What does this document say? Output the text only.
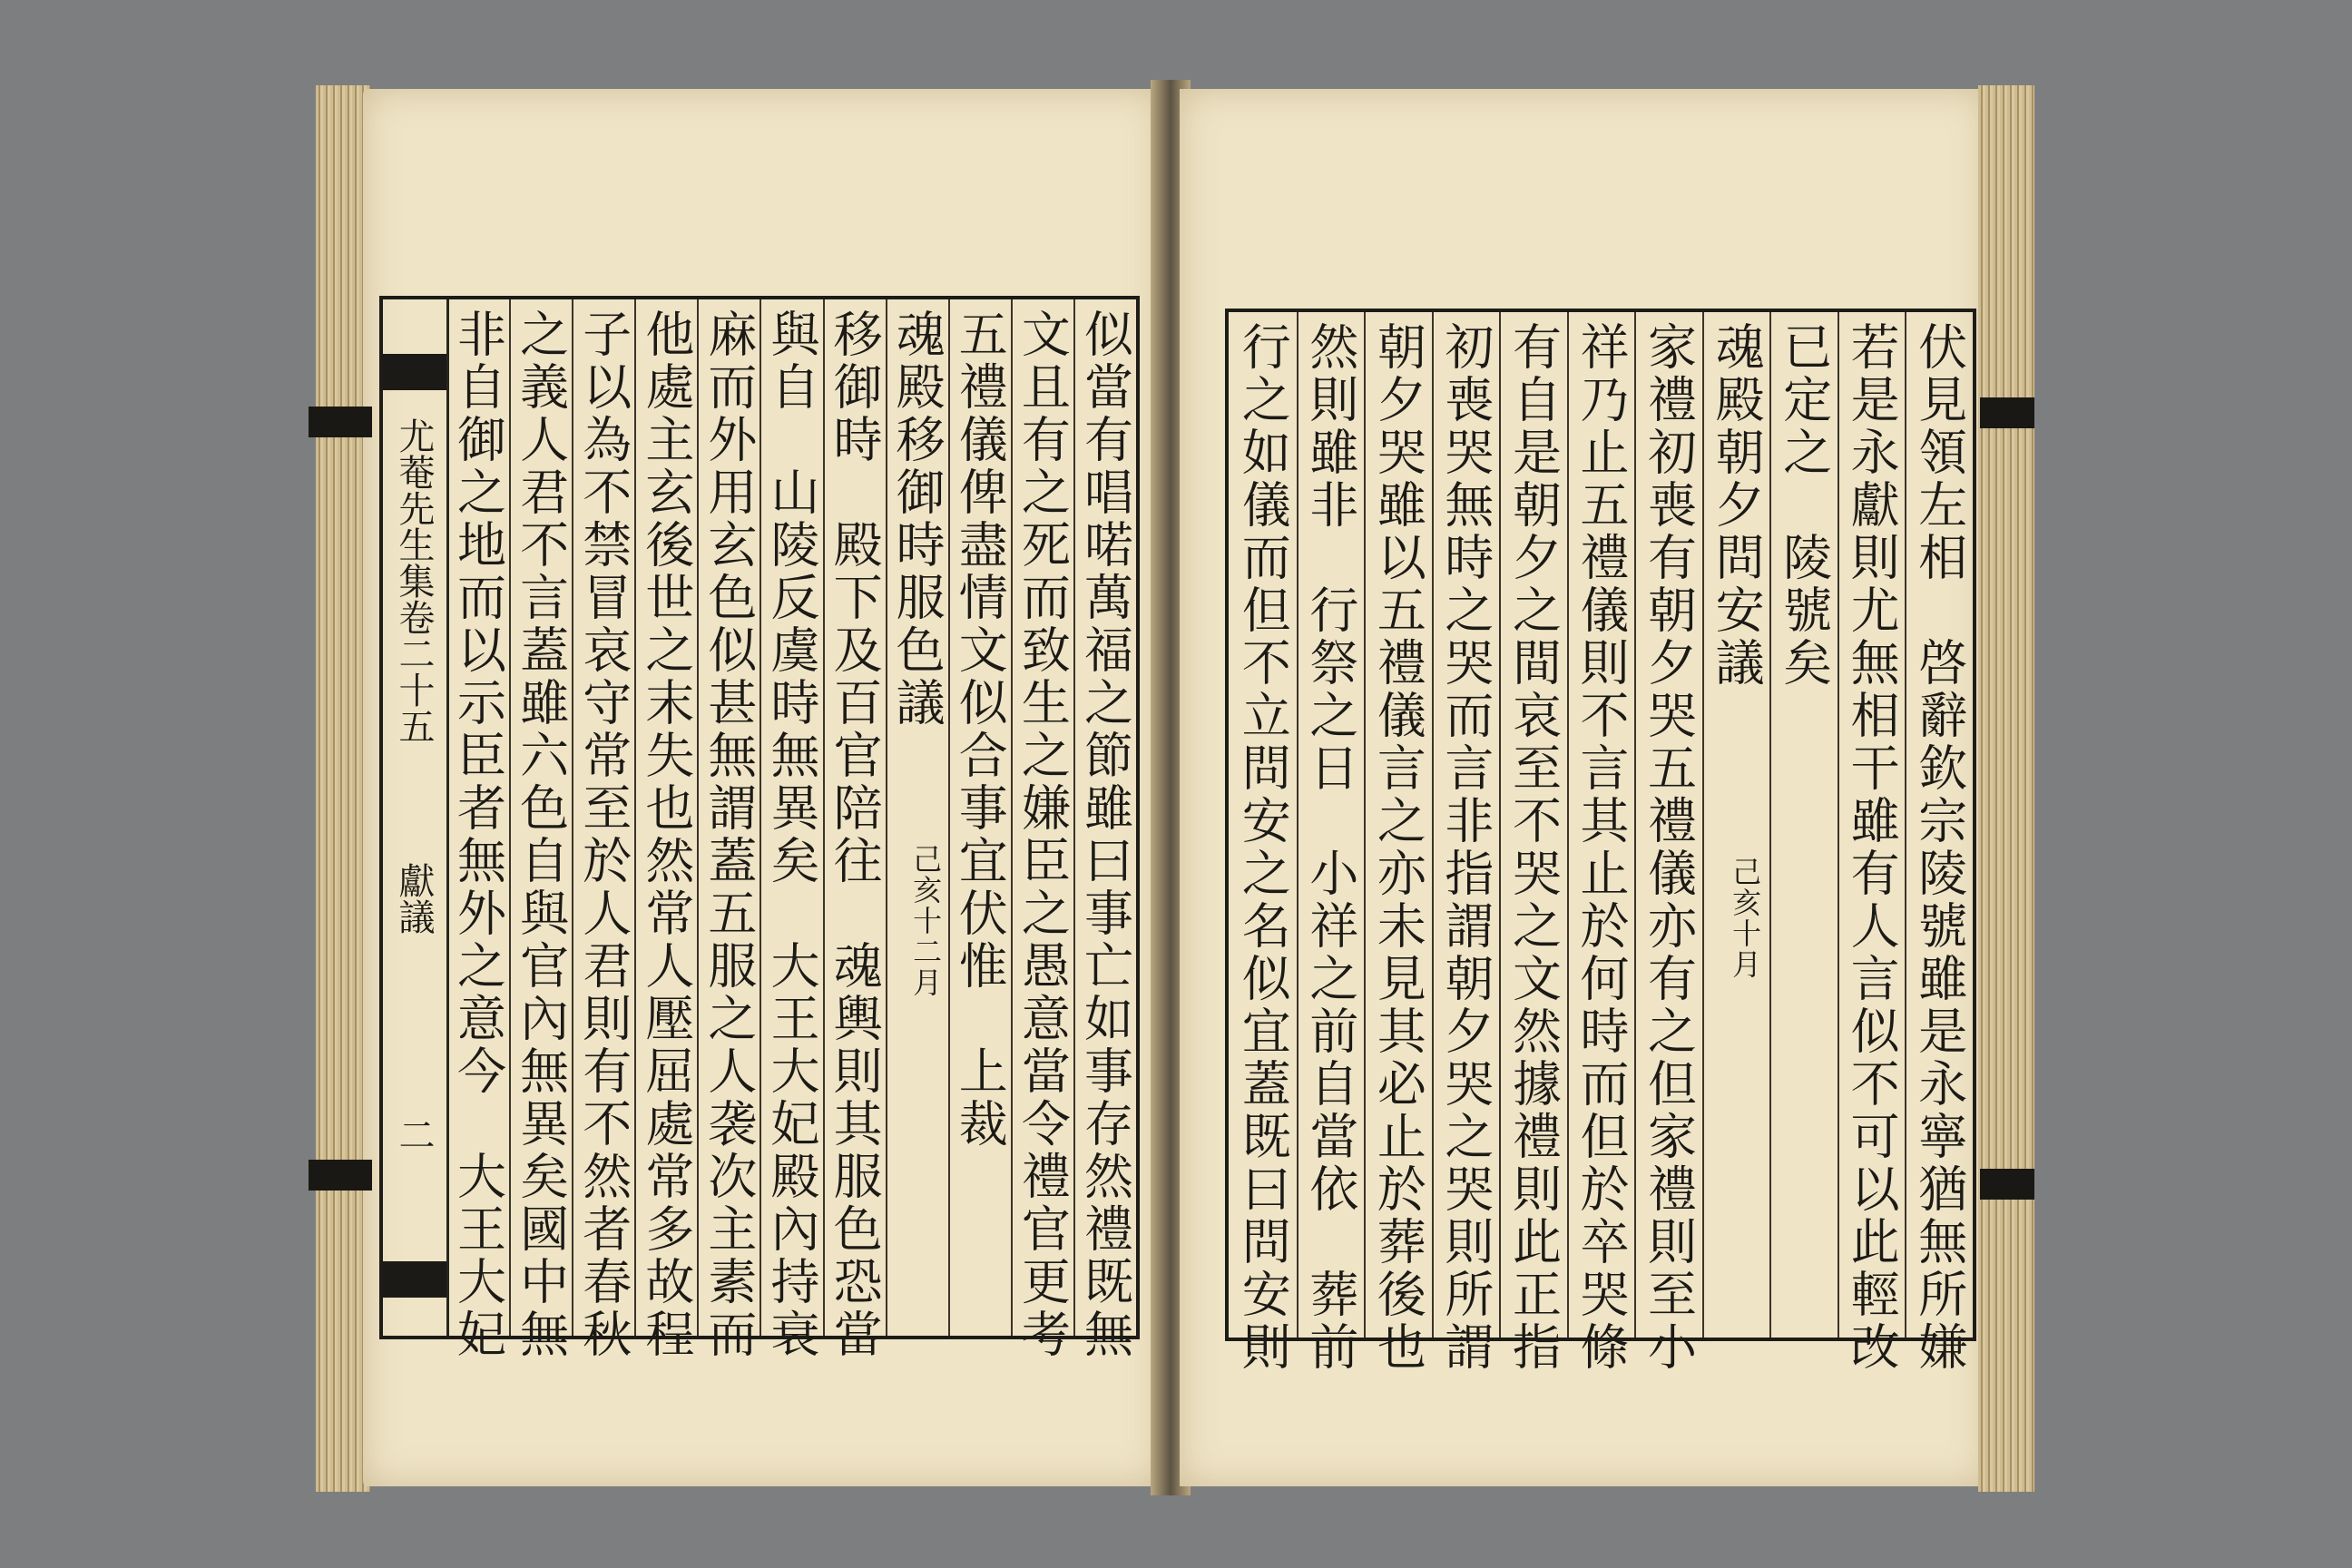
似當有唱喏萬福之節雖曰事亡如事存然禮既無
文且有之死而致生之嫌臣之愚意當令禮官更考
五禮儀俾盡情文似合事宜伏惟　上裁
魂殿移御時服色議
移御時　殿下及百官陪往　魂輿則其服色恐當
與自　山陵反虞時無異矣　大王大妃殿內持衰
麻而外用玄色似甚無謂蓋五服之人袭次主素而
他處主玄後世之末失也然常人壓屈處常多故程
子以為不禁冒哀守常至於人君則有不然者春秋
之義人君不言蓋雖六色自與官內無異矣國中無
非自御之地而以示臣者無外之意今　大王大妃	己亥十二月
尤菴先生集卷二十五
獻議
二	伏見領左相　啓辭欽宗陵號雖是永寧猶無所嫌
若是永獻則尤無相干雖有人言似不可以此輕改
已定之　陵號矣
魂殿朝夕問安議
家禮初喪有朝夕哭五禮儀亦有之但家禮則至小
祥乃止五禮儀則不言其止於何時而但於卒哭條
有自是朝夕之間哀至不哭之文然據禮則此正指
初喪哭無時之哭而言非指謂朝夕哭之哭則所謂
朝夕哭雖以五禮儀言之亦未見其必止於葬後也
然則雖非　行祭之日　小祥之前自當依　葬前
行之如儀而但不立問安之名似宜蓋既曰問安則	己亥十月
